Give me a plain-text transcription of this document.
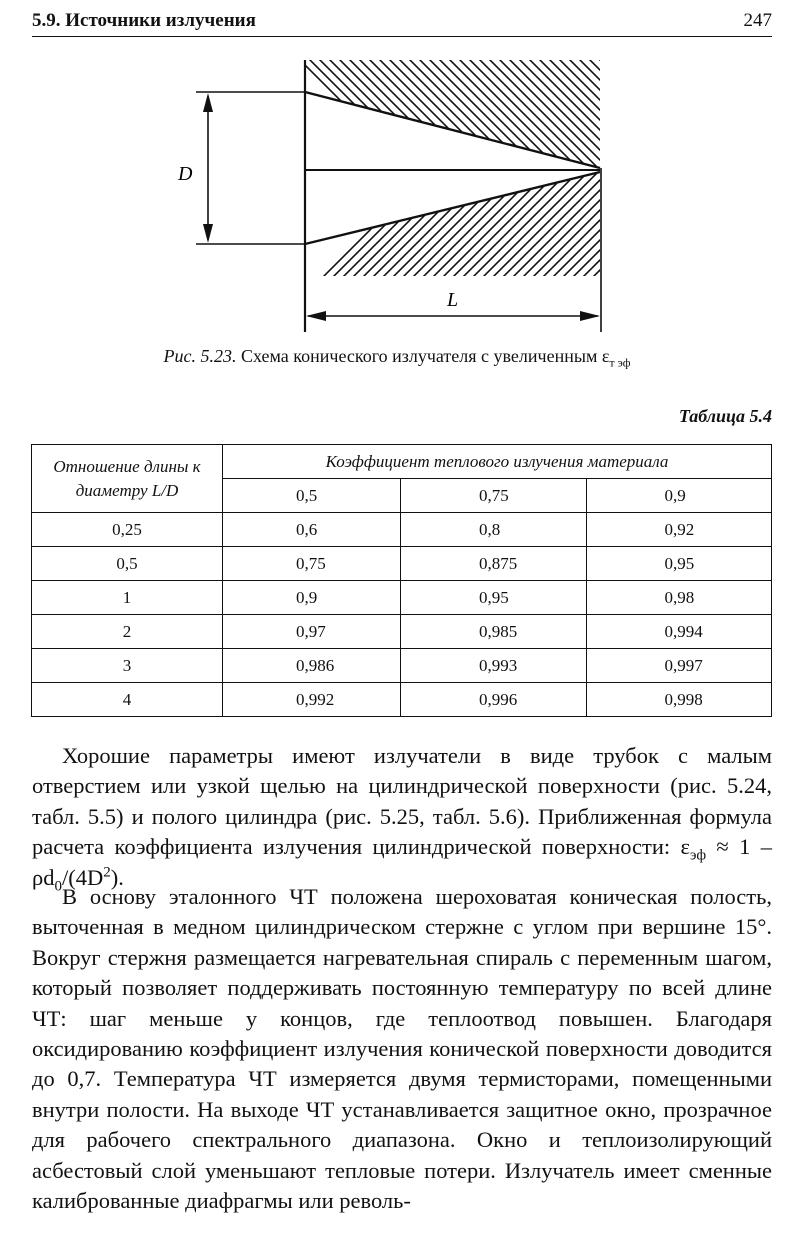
5.9. Источники излучения	247
D
L
Рис. 5.23. Схема конического излучателя с увеличенным $\varepsilon_{т эф}$
Таблица 5.4
Отношение длины к диаметру L/D	Коэффициент теплового излучения материала		
	0,5	0,75	0,9
0,25	0,6	0,8	0,92
0,5	0,75	0,875	0,95
1	0,9	0,95	0,98
2	0,97	0,985	0,994
3	0,986	0,993	0,997
4	0,992	0,996	0,998

Хорошие параметры имеют излучатели в виде трубок с малым отверстием или узкой щелью на цилиндрической поверхности (рис. 5.24, табл. 5.5) и полого цилиндра (рис. 5.25, табл. 5.6). Приближенная формула расчета коэффициента излучения цилиндрической поверхности: $\varepsilon_{эф} \approx 1 - \rho d_0/(4D^2)$.

В основу эталонного ЧТ положена шероховатая коническая полость, выточенная в медном цилиндрическом стержне с углом при вершине 15°. Вокруг стержня размещается нагревательная спираль с переменным шагом, который позволяет поддерживать постоянную температуру по всей длине ЧТ: шаг меньше у концов, где теплоотвод повышен. Благодаря оксидированию коэффициент излучения конической поверхности доводится до 0,7. Температура ЧТ измеряется двумя термисторами, помещенными внутри полости. На выходе ЧТ устанавливается защитное окно, прозрачное для рабочего спектрального диапазона. Окно и теплоизолирующий асбестовый слой уменьшают тепловые потери. Излучатель имеет сменные калиброванные диафрагмы или револь-
